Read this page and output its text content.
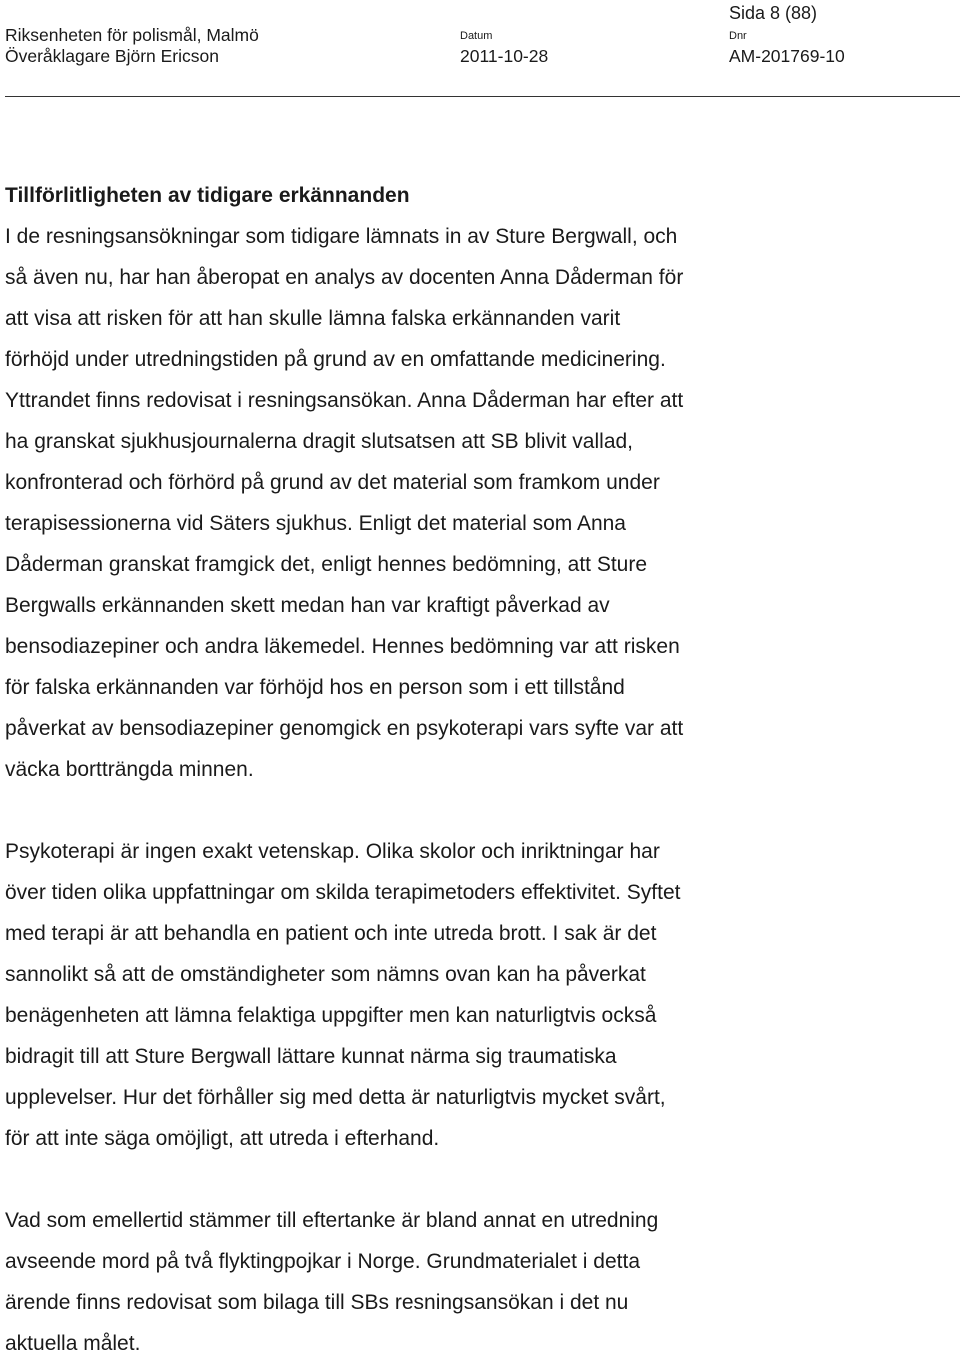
Sida 8 (88)
Riksenheten för polismål, Malmö	Datum	Dnr
Överåklagare Björn Ericson	2011-10-28	AM-201769-10
Tillförlitligheten av tidigare erkännanden
I de resningsansökningar som tidigare lämnats in av Sture Bergwall, och
så även nu, har han åberopat en analys av docenten Anna Dåderman för
att visa att risken för att han skulle lämna falska erkännanden varit
förhöjd under utredningstiden på grund av en omfattande medicinering.
Yttrandet finns redovisat i resningsansökan. Anna Dåderman har efter att
ha granskat sjukhusjournalerna dragit slutsatsen att SB blivit vallad,
konfronterad och förhörd på grund av det material som framkom under
terapisessionerna vid Säters sjukhus. Enligt det material som Anna
Dåderman granskat framgick det, enligt hennes bedömning, att Sture
Bergwalls erkännanden skett medan han var kraftigt påverkad av
bensodiazepiner och andra läkemedel. Hennes bedömning var att risken
för falska erkännanden var förhöjd hos en person som i ett tillstånd
påverkat av bensodiazepiner genomgick en psykoterapi vars syfte var att
väcka bortträngda minnen.
Psykoterapi är ingen exakt vetenskap. Olika skolor och inriktningar har
över tiden olika uppfattningar om skilda terapimetoders effektivitet. Syftet
med terapi är att behandla en patient och inte utreda brott. I sak är det
sannolikt så att de omständigheter som nämns ovan kan ha påverkat
benägenheten att lämna felaktiga uppgifter men kan naturligtvis också
bidragit till att Sture Bergwall lättare kunnat närma sig traumatiska
upplevelser. Hur det förhåller sig med detta är naturligtvis mycket svårt,
för att inte säga omöjligt, att utreda i efterhand.
Vad som emellertid stämmer till eftertanke är bland annat en utredning
avseende mord på två flyktingpojkar i Norge. Grundmaterialet i detta
ärende finns redovisat som bilaga till SBs resningsansökan i det nu
aktuella målet.
